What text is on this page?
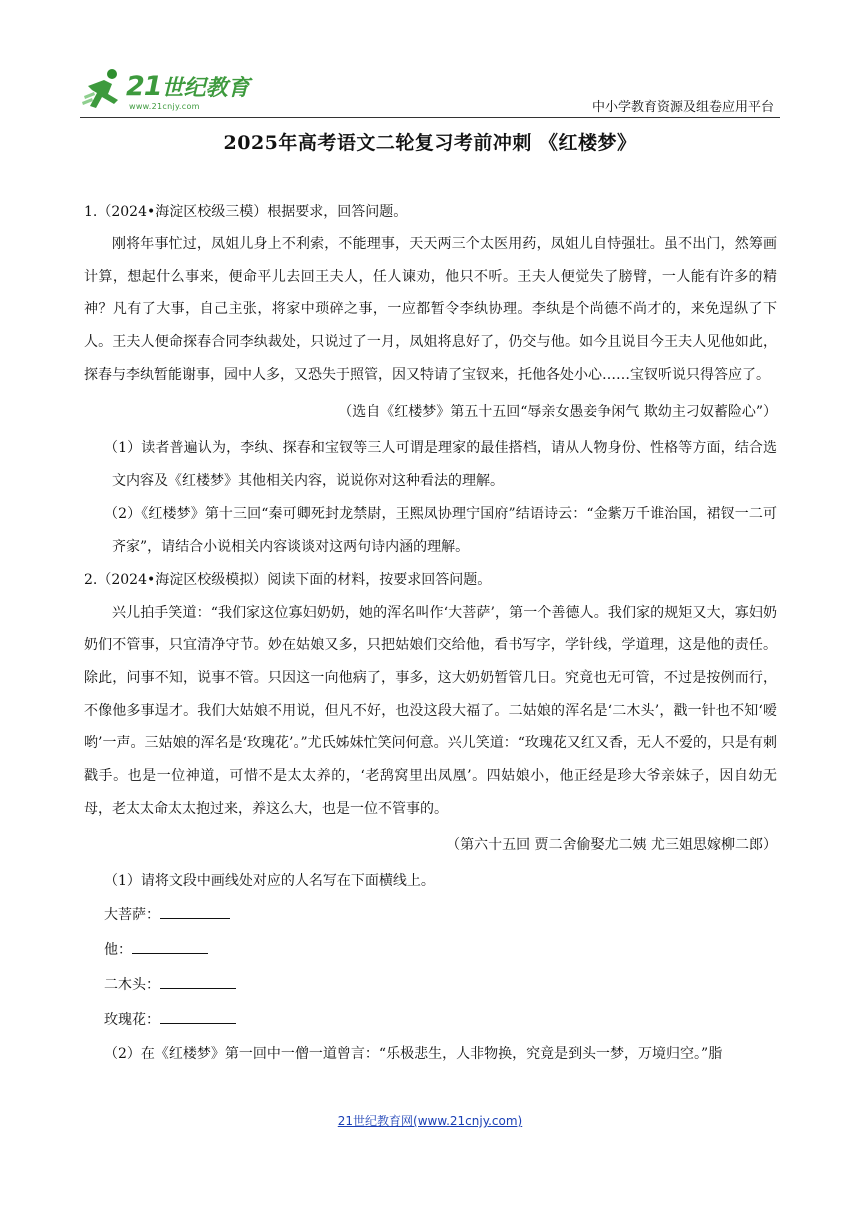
21世纪教育
www.21cnjy.com	中小学教育资源及组卷应用平台
2025年高考语文二轮复习考前冲刺 《红楼梦》

1.（2024•海淀区校级三模）根据要求，回答问题。

刚将年事忙过，凤姐儿身上不利索，不能理事，天天两三个太医用药，凤姐儿自恃强壮。虽不出门，然筹画计算，想起什么事来，便命平儿去回王夫人，任人谏劝，他只不听。王夫人便觉失了膀臂，一人能有许多的精神？凡有了大事，自己主张，将家中琐碎之事，一应都暂令李纨协理。李纨是个尚德不尚才的，来免逞纵了下人。王夫人便命探春合同李纨裁处，只说过了一月，凤姐将息好了，仍交与他。如今且说目今王夫人见他如此，探春与李纨暂能谢事，园中人多，又恐失于照管，因又特请了宝钗来，托他各处小心……宝钗听说只得答应了。

（选自《红楼梦》第五十五回“辱亲女愚妾争闲气 欺幼主刁奴蓄险心”）

（1）读者普遍认为，李纨、探春和宝钗等三人可谓是理家的最佳搭档，请从人物身份、性格等方面，结合选文内容及《红楼梦》其他相关内容，说说你对这种看法的理解。

（2）《红楼梦》第十三回“秦可卿死封龙禁尉，王熙凤协理宁国府”结语诗云：“金紫万千谁治国，裙钗一二可齐家”，请结合小说相关内容谈谈对这两句诗内涵的理解。

2.（2024•海淀区校级模拟）阅读下面的材料，按要求回答问题。

兴儿拍手笑道：“我们家这位寡妇奶奶，她的浑名叫作‘大菩萨’，第一个善德人。我们家的规矩又大，寡妇奶奶们不管事，只宜清净守节。妙在姑娘又多，只把姑娘们交给他，看书写字，学针线，学道理，这是他的责任。除此，问事不知，说事不管。只因这一向他病了，事多，这大奶奶暂管几日。究竟也无可管，不过是按例而行，不像他多事逞才。我们大姑娘不用说，但凡不好，也没这段大福了。二姑娘的浑名是‘二木头’，戳一针也不知‘嗳哟’一声。三姑娘的浑名是‘玫瑰花’。”尤氏姊妹忙笑问何意。兴儿笑道：“玫瑰花又红又香，无人不爱的，只是有刺戳手。也是一位神道，可惜不是太太养的，‘老鸹窝里出凤凰’。四姑娘小，他正经是珍大爷亲妹子，因自幼无母，老太太命太太抱过来，养这么大，也是一位不管事的。

（第六十五回 贾二舍偷娶尤二姨 尤三姐思嫁柳二郎）

（1）请将文段中画线处对应的人名写在下面横线上。

大菩萨：

他：

二木头：

玫瑰花：

（2）在《红楼梦》第一回中一僧一道曾言：“乐极悲生，人非物换，究竟是到头一梦，万境归空。”脂

21世纪教育网(www.21cnjy.com)
